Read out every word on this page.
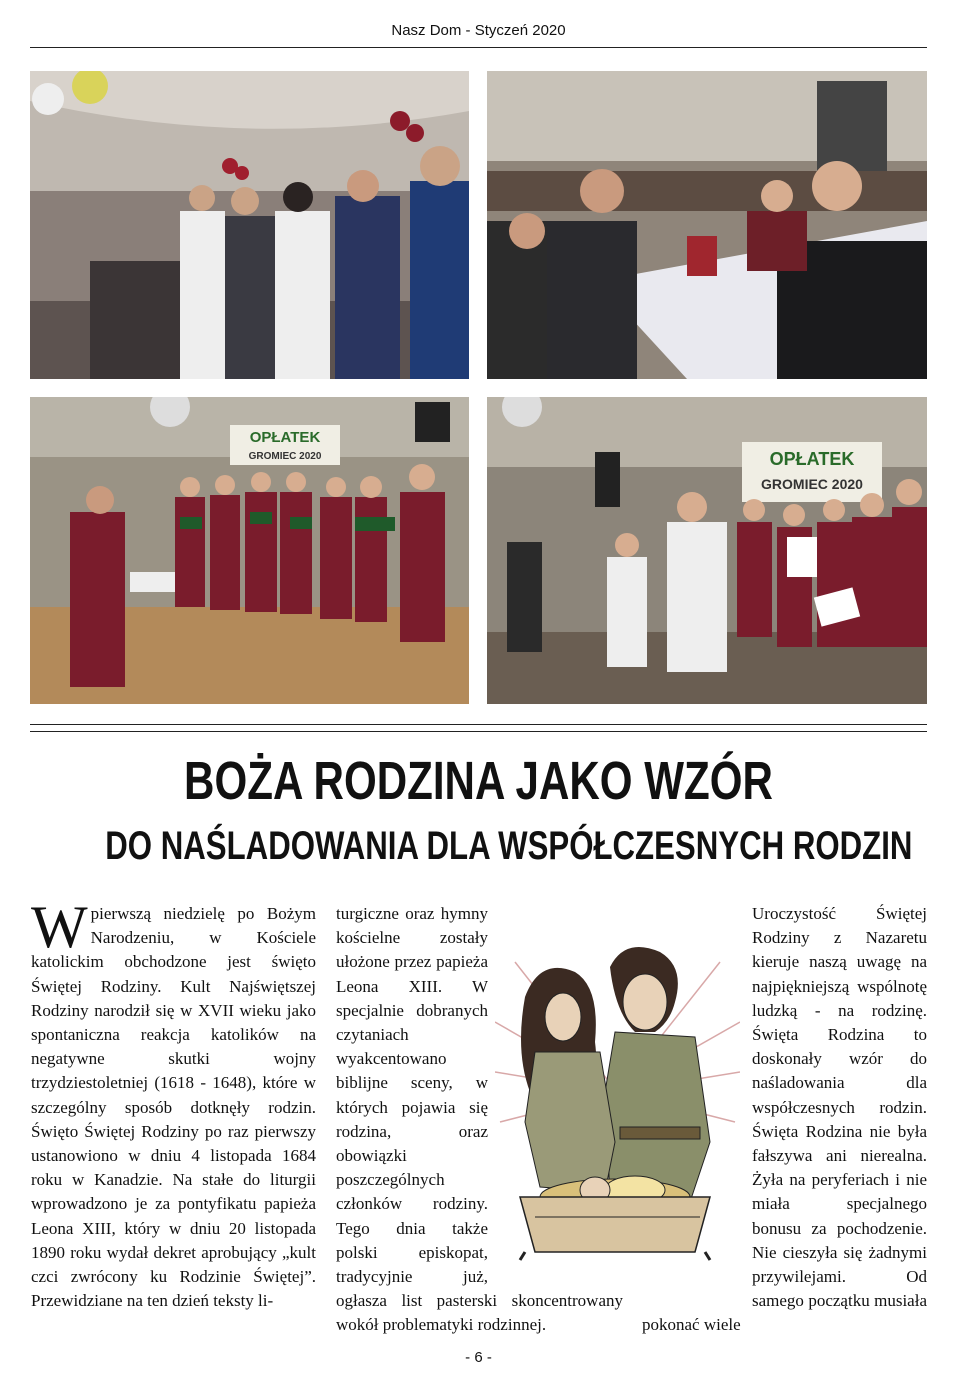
Nasz Dom - Styczeń 2020
OPŁATEK
GROMIEC 2020	OPŁATEK
GROMIEC 2020
BOŻA RODZINA JAKO WZÓR
DO NAŚLADOWANIA DLA WSPÓŁCZESNYCH RODZIN

W pierwszą niedzielę po Bożym Narodzeniu, w Kościele katolickim obchodzone jest święto Świętej Rodziny. Kult Najświętszej Rodziny narodził się w XVII wieku jako spontaniczna reakcja katolików na negatywne skutki wojny trzydziestoletniej (1618 - 1648), które w szczególny sposób dotknęły rodzin. Święto Świętej Rodziny po raz pierwszy ustanowiono w dniu 4 listopada 1684 roku w Kanadzie. Na stałe do liturgii wprowadzono je za pontyfikatu papieża Leona XIII, który w dniu 20 listopada 1890 roku wydał dekret aprobujący „kult czci zwrócony ku Rodzinie Świętej”. Przewidziane na ten dzień teksty li-

turgiczne oraz hymny kościelne zostały ułożone przez papieża Leona XIII. W specjalnie dobranych czytaniach wyakcentowano biblijne sceny, w których pojawia się rodzina, oraz obowiązki poszczególnych członków rodziny. Tego dnia także polski episkopat, tradycyjnie już, ogłasza list pasterski skoncentrowany wokół problematyki rodzinnej.

Uroczystość Świętej Rodziny z Nazaretu kieruje naszą uwagę na najpiękniejszą wspólnotę ludzką - na rodzinę. Święta Rodzina to doskonały wzór do naśladowania dla współczesnych rodzin. Święta Rodzina nie była fałszywa ani nierealna. Żyła na peryferiach i nie miała specjalnego bonusu za pochodzenie. Nie cieszyła się żadnymi przywilejami. Od samego początku musiała pokonać wiele

- 6 -
